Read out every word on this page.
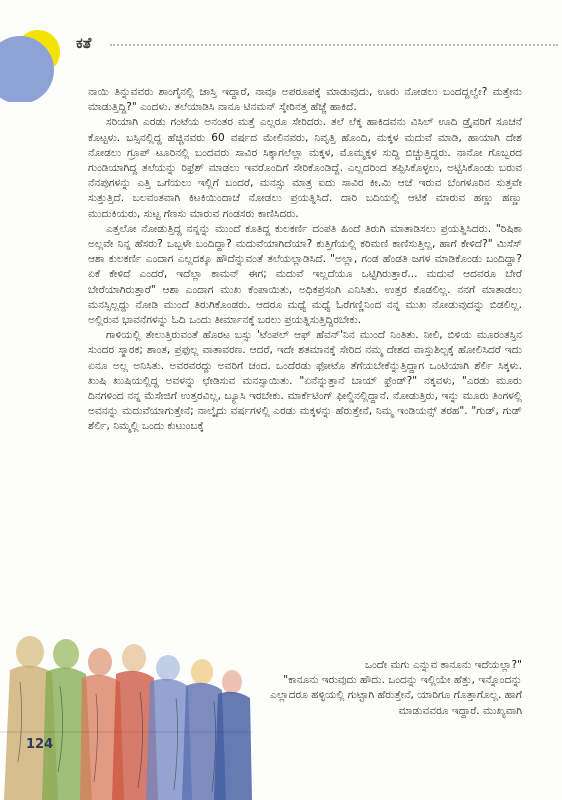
ಕತೆ

ನಾಯಿ ತಿನ್ನುವವರು ಶಾಂಗೈನಲ್ಲಿ ಜಾಸ್ತಿ ಇದ್ದಾರೆ, ನಾವೂ ಅಪರೂಪಕ್ಕೆ ಮಾಡುವುದು, ಊರು ನೋಡಲು ಬಂದದ್ದಲ್ವೇ? ಮತ್ತೇನು ಮಾಡುತ್ತಿದ್ದಿ?" ಎಂದಳು. ತಲೆಯಾಡಿಸಿ ನಾನೂ ಟಿನಮನ್ ಸ್ಕೇರಿನತ್ತ ಹೆಜ್ಜೆ ಹಾಕಿದೆ.

ಸರಿಯಾಗಿ ಎರಡು ಗಂಟೆಯ ಅನಂತರ ಮತ್ತೆ ಎಲ್ಲರೂ ಸೇರಿದರು. ತಲೆ ಲೆಕ್ಕ ಹಾಕಿದವನು ವಿಸಿಲ್ ಊದಿ ಡ್ರೈವರಿಗೆ ಸೂಚನೆ ಕೊಟ್ಟಳು. ಬಸ್ಸಿನಲ್ಲಿದ್ದ ಹೆಚ್ಚಿನವರು 60 ವರ್ಷದ ಮೇಲಿನವರು, ನಿವೃತ್ತಿ ಹೊಂದಿ, ಮಕ್ಕಳ ಮದುವೆ ಮಾಡಿ, ಹಾಯಾಗಿ ದೇಶ ನೋಡಲು ಗ್ರೂಪ್ ಟೂರಿನಲ್ಲಿ ಬಂದವರು ಸಾವಿರ ಸಿಕ್ಕಾಗಲೆಲ್ಲಾ ಮಕ್ಕಳ, ಮೊಮ್ಮಕ್ಕಳ ಸುದ್ದಿ ಬಿಚ್ಚುತ್ತಿದ್ದರು. ನಾನೋ ಗೊಬ್ಬರದ ಗುಂಡಿಯಾಗಿದ್ದ ತಲೆಯನ್ನು ರಿಫ್ರೆಶ್ ಮಾಡಲು ಇವರೊಂದಿಗೆ ಸೇರಿಕೊಂಡಿದ್ದೆ. ಎಲ್ಲದರಿಂದ ತಪ್ಪಿಸಿಕೊಳ್ಳಲು, ಅಟ್ಟಿಸಿಕೊಂಡು ಬರುವ ನೆನಪುಗಳನ್ನು ಎತ್ತಿ ಒಗೆಯಲು ಇಲ್ಲಿಗೆ ಬಂದರೆ, ಮನಸ್ಸು ಮಾತ್ರ ಐದು ಸಾವಿರ ಕೀ.ಮಿ ಆಚೆ ಇರುವ ಬೆಂಗಳೂರಿನ ಸುತ್ತವೇ ಸುತ್ತುತ್ತಿದೆ. ಬಲವಂತವಾಗಿ ಕಿಟಕಿಯಿಂದಾಚೆ ನೋಡಲು ಪ್ರಯತ್ನಿಸಿದೆ. ದಾರಿ ಬದಿಯಲ್ಲಿ ಆಟಿಕೆ ಮಾರುವ ಹಣ್ಣು ಹಣ್ಣು ಮುದುಕಿಯರು, ಸುಟ್ಟ ಗೆಣಸು ಮಾರುವ ಗಂಡಸರು ಕಾಣಿಸಿದರು.

ಎತ್ತಲೋ ನೋಡುತ್ತಿದ್ದ ನನ್ನನ್ನು ಮುಂದೆ ಕೂತಿದ್ದ ಕುಲಕರ್ಣಿ ದಂಪತಿ ಹಿಂದೆ ತಿರುಗಿ ಮಾತಾಡಿಸಲು ಪ್ರಯತ್ನಿಸಿದರು. "ರಿಷಿಕಾ ಅಲ್ಲವೇ ನಿನ್ನ ಹೆಸರು? ಒಬ್ಬಳೇ ಬಂದಿದ್ದಾ? ಮದುವೆಯಾಗಿದೆಯಾ? ಕುತ್ತಿಗೆಯಲ್ಲಿ ಕರಿಮಣಿ ಕಾಣಿಸುತ್ತಿಲ್ಲ, ಹಾಗೆ ಕೇಳಿದೆ?" ಮಿಸೆಸ್ ಆಶಾ ಕುಲಕರ್ಣಿ ಎಂದಾಗ ಎಲ್ಲದಕ್ಕೂ ಹೌದೆನ್ನುವಂತೆ ತಲೆಯಲ್ಲಾಡಿಸಿದೆ. "ಅಲ್ಲಾ, ಗಂಡ ಹೆಂಡತಿ ಜಗಳ ಮಾಡಿಕೊಂಡು ಬಂದಿದ್ದಾ? ಏಕೆ ಕೇಳಿದೆ ಎಂದರೆ, ಇದೆಲ್ಲಾ ಕಾಮನ್ ಈಗ; ಮದುವೆ ಇಲ್ಲದೆಯೂ ಒಟ್ಟಿಗಿರುತ್ತಾರೆ... ಮದುವೆ ಆದವರೂ ಬೇರೆ ಬೇರೆಯಾಗಿರುತ್ತಾರೆ" ಆಶಾ ಎಂದಾಗ ಮುಖ ಕೆಂಪಾಯಿತು, ಅಧಿಕಪ್ರಸಂಗಿ ಎನಿಸಿತು. ಉತ್ತರ ಕೊಡಲಿಲ್ಲ. ನನಗೆ ಮಾತಾಡಲು ಮನಸ್ಸಿಲ್ಲದ್ದು ನೋಡಿ ಮುಂದೆ ತಿರುಗಿಕೊಂಡರು. ಆದರೂ ಮಧ್ಯೆ ಮಧ್ಯೆ ಓರೆಗಣ್ಣಿನಿಂದ ನನ್ನ ಮುಖ ನೋಡುವುದನ್ನು ಬಿಡಲಿಲ್ಲ. ಅಲ್ಲಿರುವ ಭಾವನೆಗಳನ್ನು ಓದಿ ಒಂದು ತೀರ್ಮಾನಕ್ಕೆ ಬರಲು ಪ್ರಯತ್ನಿಸುತ್ತಿದ್ದಿರಬೇಕು.

ಗಾಳಿಯಲ್ಲಿ ತೇಲುತ್ತಿರುವಂತೆ ಹೊರಟ ಬಸ್ಸು 'ಟೆಂಪಲ್ ಆಫ್ ಹೆವನ್'ನಿನ ಮುಂದೆ ನಿಂತಿತು. ನೀಲಿ, ಬಿಳಿಯ ಮೂರಂತಸ್ತಿನ ಸುಂದರ ಸ್ಮಾರಕ; ಶಾಂತ, ಪ್ರಫುಲ್ಲ ವಾತಾವರಣ. ಆದರೆ, ಇದೇ ಶತಮಾನಕ್ಕೆ ಸೇರಿದ ನಮ್ಮ ದೇಶದ ವಾಸ್ತುಶಿಲ್ಪಕ್ಕೆ ಹೋಲಿಸಿದರೆ ಇದು ಏನೂ ಅಲ್ಲ ಅನಿಸಿತು. ಅವರವರದ್ದು ಅವರಿಗೆ ಚಂದ. ಒಂದೆರಡು ಫೋಟೊ ತೆಗೆಯಬೇಕೆನ್ನುತ್ತಿದ್ದಾಗ ಒಂಟಿಯಾಗಿ ಶೆರ್ಲಿ ಸಿಕ್ಕಳು. ಖುಷಿ ಖುಷಿಯಲ್ಲಿದ್ದ ಅವಳನ್ನು ಛೇಡಿಸುವ ಮನಸ್ಸಾಯಿತು. "ಏನೆನ್ನುತ್ತಾನೆ ಬಾಯ್ ಫ್ರೆಂಡ್?" ನಕ್ಕವಳು, "ಎರಡು ಮೂರು ದಿನಗಳಿಂದ ನನ್ನ ಮೆಸೇಜಿಗೆ ಉತ್ತರವಿಲ್ಲ, ಬ್ಯೂಸಿ ಇರಬೇಕು. ಮಾರ್ಕೆಟಿಂಗ್ ಫೀಲ್ಡಿನಲ್ಲಿದ್ದಾನೆ. ನೋಡುತ್ತಿರು, ಇನ್ನು ಮೂರು ತಿಂಗಳಲ್ಲಿ ಅವನನ್ನು ಮದುವೆಯಾಗುತ್ತೇನೆ; ನಾಲ್ಕೈದು ವರ್ಷಗಳಲ್ಲಿ ಎರಡು ಮಕ್ಕಳನ್ನು ಹೆರುತ್ತೇನೆ, ನಿಮ್ಮ ಇಂಡಿಯನ್ಸ್ ತರಹ". "ಗುಡ್, ಗುಡ್ ಶೆರ್ಲಿ, ನಿಮ್ಮಲ್ಲಿ ಒಂದು ಕುಟುಂಬಕ್ಕೆ

ಒಂದೇ ಮಗು ಎನ್ನುವ ಕಾನೂನು ಇದೆಯಲ್ಲಾ?"

"ಕಾನೂನು ಇರುವುದು ಹೌದು. ಒಂದನ್ನು ಇಲ್ಲಿಯೇ ಹೆತ್ತು, ಇನ್ನೊಂದನ್ನು ಎಲ್ಲಾದರೂ ಹಳ್ಳಿಯಲ್ಲಿ ಗುಟ್ಟಾಗಿ ಹೆರುತ್ತೇನೆ, ಯಾರಿಗೂ ಗೊತ್ತಾಗೊಲ್ಲ. ಹಾಗೆ ಮಾಡುವವರೂ ಇದ್ದಾರೆ. ಮುಖ್ಯವಾಗಿ

124
